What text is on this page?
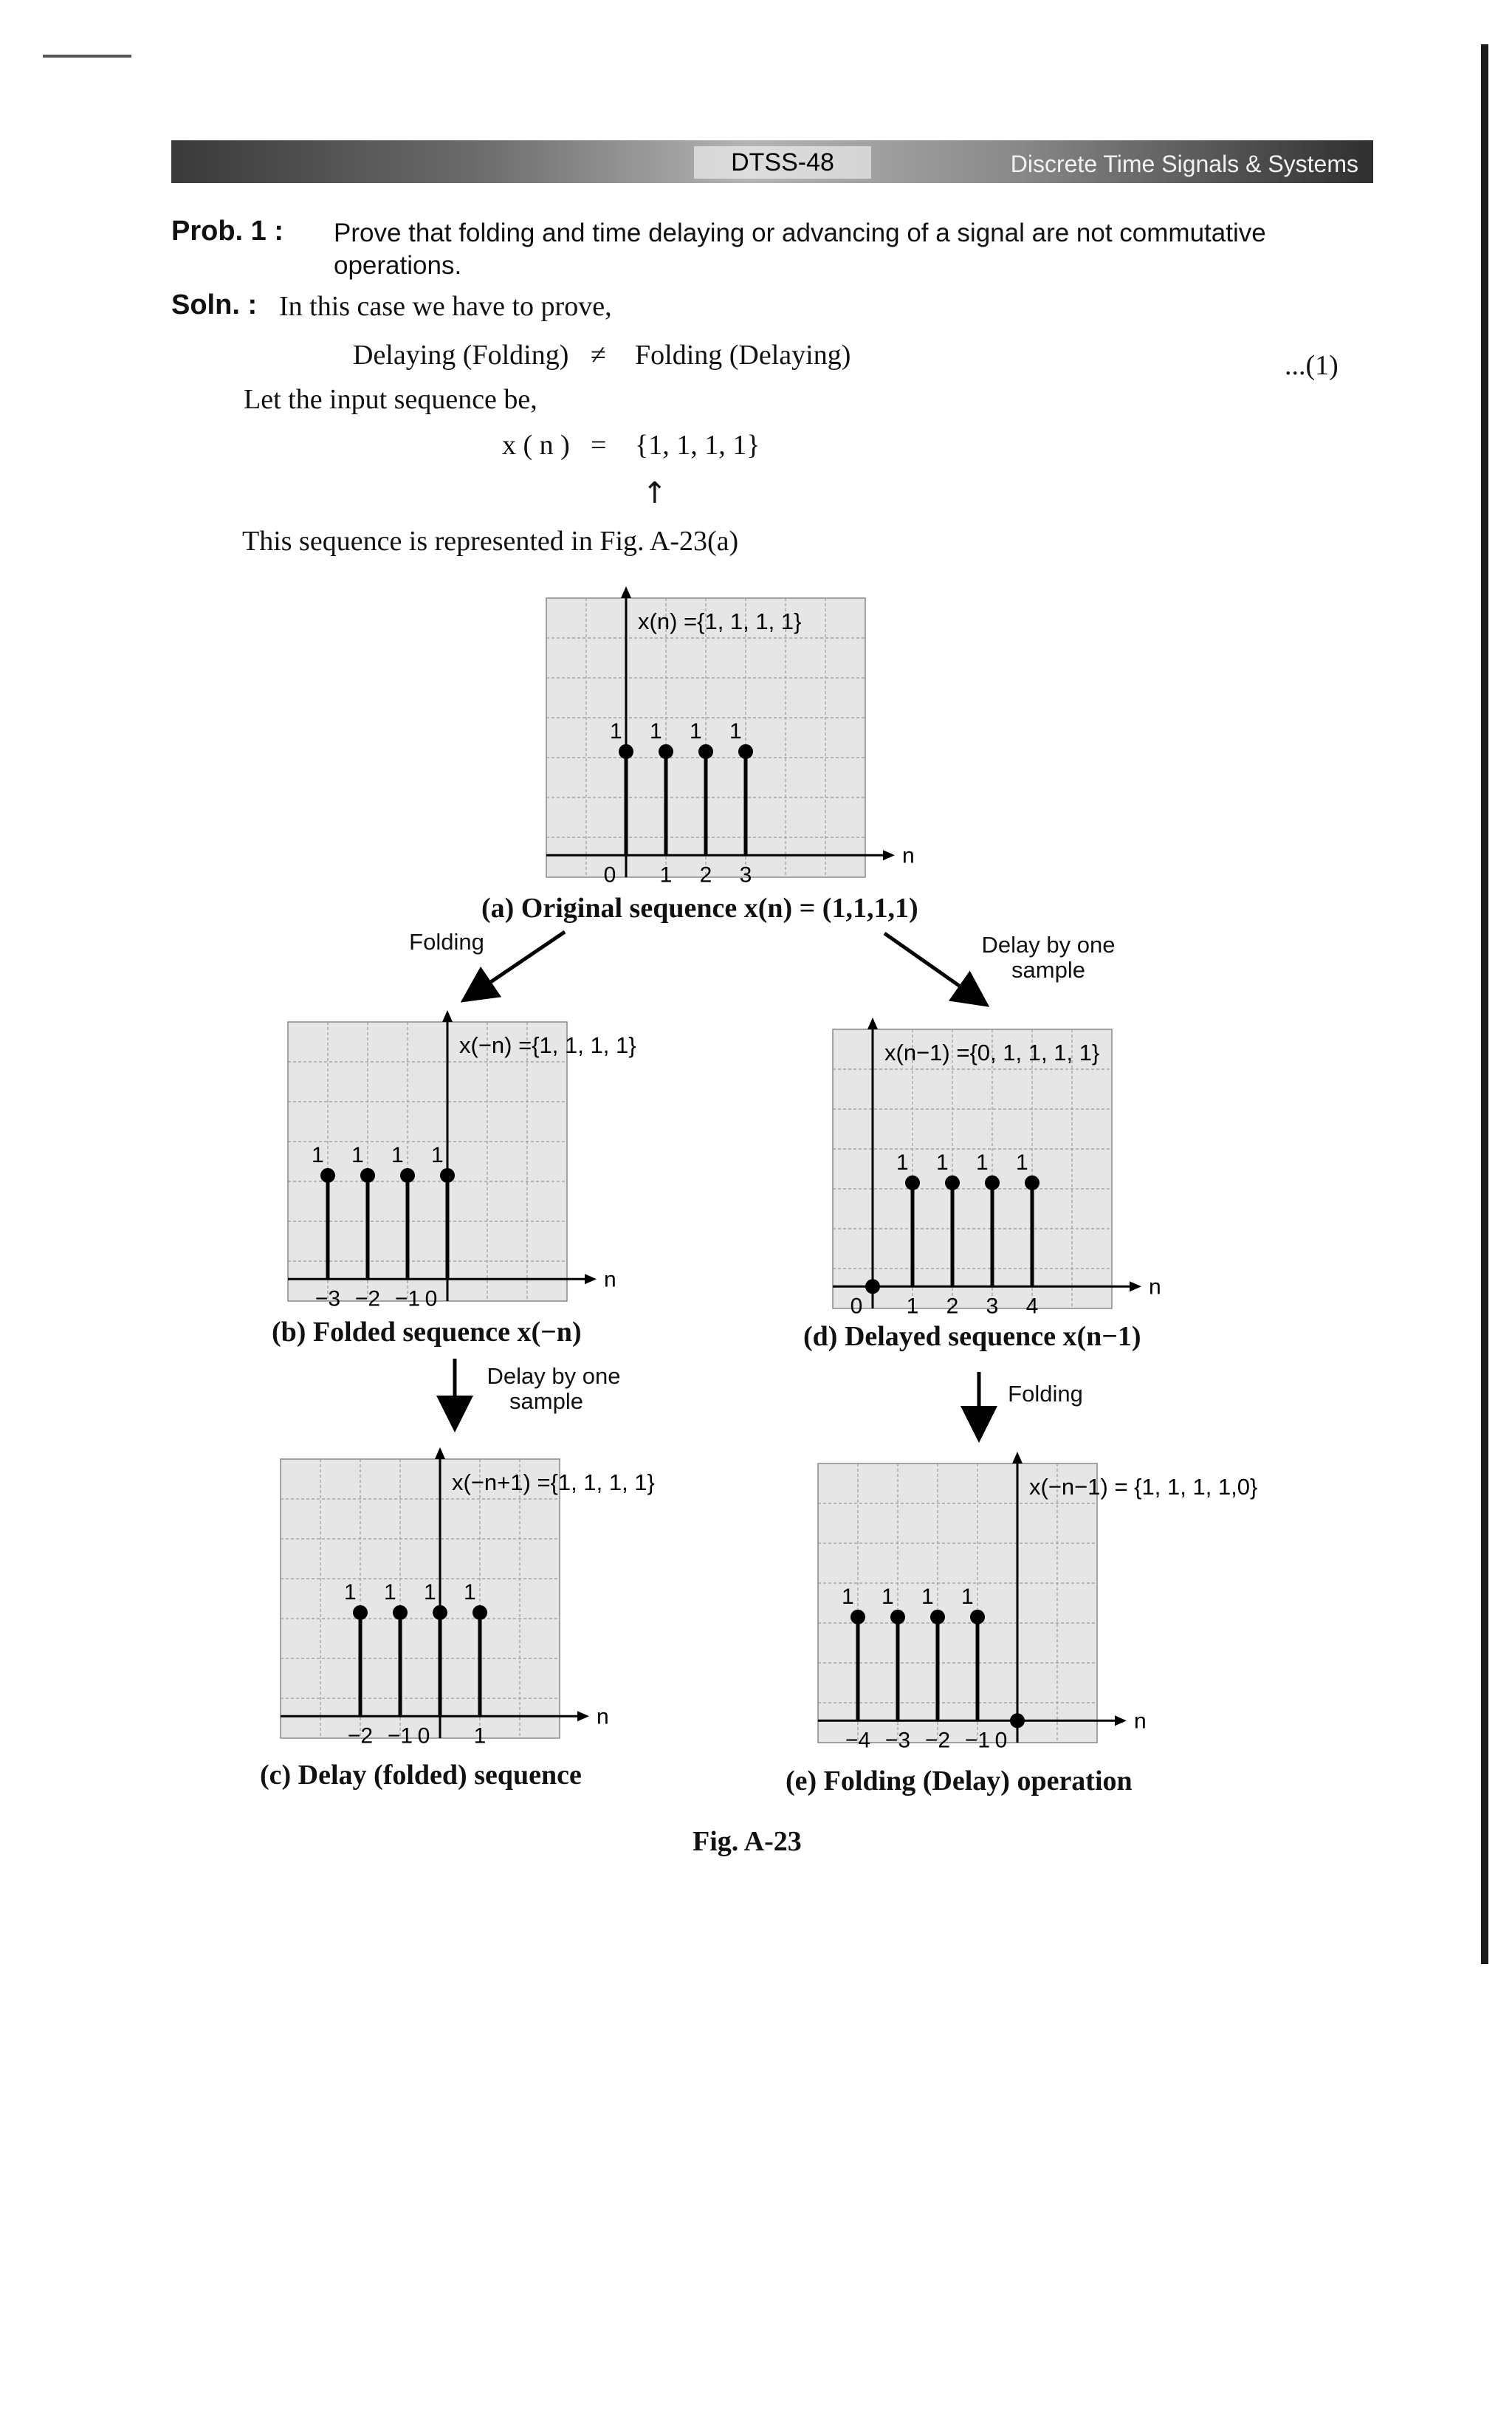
DTSS-48	Discrete Time Signals & Systems
Prob. 1 : Prove that folding and time delaying or advancing of a signal are not commutative operations.
Soln. : In this case we have to prove,
Delaying (Folding) ≠ Folding (Delaying)	...(1)
Let the input sequence be,
x ( n ) = {1, 1, 1, 1}
↑
This sequence is represented in Fig. A-23(a)
n
1
0
1
1
1
2
1
3
x(n) ={1, 1, 1, 1}
(a) Original sequence x(n) = (1,1,1,1)
n
1
−3
1
−2
1
−1
1
0
x(−n) ={1, 1, 1, 1}
(b) Folded sequence x(−n)
n
1
−2
1
−1
1
0
1
1
x(−n+1) ={1, 1, 1, 1}
(c) Delay (folded) sequence
n
0
1
1
1
2
1
3
1
4
x(n−1) ={0, 1, 1, 1, 1}
(d) Delayed sequence x(n−1)
n
1
−4
1
−3
1
−2
1
−1 0
x(−n−1) = {1, 1, 1, 1,0}
(e) Folding (Delay) operation
Folding	Delay by one
sample
Delay by one
sample	Folding
Fig. A-23
